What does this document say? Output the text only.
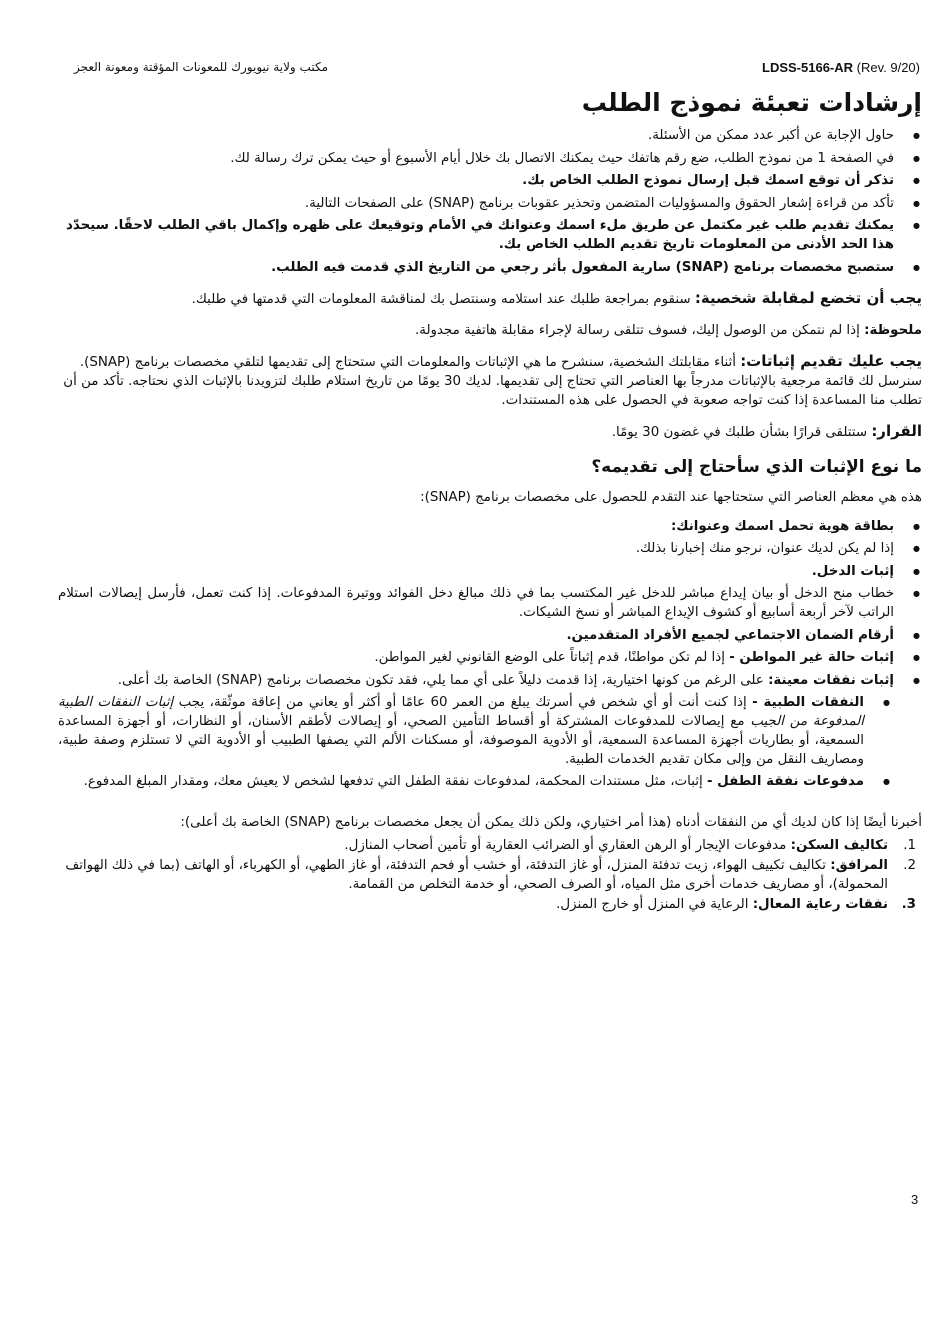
LDSS-5166-AR (Rev. 9/20)
مكتب ولاية نيويورك للمعونات المؤقتة ومعونة العجز
إرشادات تعبئة نموذج الطلب
● حاول الإجابة عن أكبر عدد ممكن من الأسئلة.
● في الصفحة 1 من نموذج الطلب، ضع رقم هاتفك حيث يمكنك الاتصال بك خلال أيام الأسبوع أو حيث يمكن ترك رسالة لك.
● تذكر أن توقع اسمك قبل إرسال نموذج الطلب الخاص بك.
● تأكد من قراءة إشعار الحقوق والمسؤوليات المتضمن وتحذير عقوبات برنامج (SNAP) على الصفحات التالية.
● يمكنك تقديم طلب غير مكتمل عن طريق ملء اسمك وعنوانك في الأمام وتوقيعك على ظهره وإكمال باقي الطلب لاحقًا. سيحدّد هذا الحد الأدنى من المعلومات تاريخ تقديم الطلب الخاص بك.
● ستصبح مخصصات برنامج (SNAP) سارية المفعول بأثر رجعي من التاريخ الذي قدمت فيه الطلب.

يجب أن تخضع لمقابلة شخصية: سنقوم بمراجعة طلبك عند استلامه وسنتصل بك لمناقشة المعلومات التي قدمتها في طلبك.

ملحوظة: إذا لم نتمكن من الوصول إليك، فسوف تتلقى رسالة لإجراء مقابلة هاتفية مجدولة.

يجب عليك تقديم إثباتات: أثناء مقابلتك الشخصية، سنشرح ما هي الإثباتات والمعلومات التي ستحتاج إلى تقديمها لتلقي مخصصات برنامج (SNAP). سنرسل لك قائمة مرجعية بالإثباتات مدرجاً بها العناصر التي تحتاج إلى تقديمها. لديك 30 يومًا من تاريخ استلام طلبك لتزويدنا بالإثبات الذي نحتاجه. تأكد من أن تطلب منا المساعدة إذا كنت تواجه صعوبة في الحصول على هذه المستندات.

القرار: ستتلقى قرارًا بشأن طلبك في غضون 30 يومًا.

ما نوع الإثبات الذي سأحتاج إلى تقديمه؟

هذه هي معظم العناصر التي ستحتاجها عند التقدم للحصول على مخصصات برنامج (SNAP):

● بطاقة هوية تحمل اسمك وعنوانك:
● إذا لم يكن لديك عنوان، نرجو منك إخبارنا بذلك.
● إثبات الدخل.
● خطاب منح الدخل أو بيان إيداع مباشر للدخل غير المكتسب بما في ذلك مبالغ دخل الفوائد ووتيرة المدفوعات. إذا كنت تعمل، فأرسل إيصالات استلام الراتب لآخر أربعة أسابيع أو كشوف الإيداع المباشر أو نسخ الشيكات.
● أرقام الضمان الاجتماعي لجميع الأفراد المتقدمين.
● إثبات حالة غير المواطن - إذا لم تكن مواطنًا، قدم إثباتاً على الوضع القانوني لغير المواطن.
● إثبات نفقات معينة: على الرغم من كونها اختيارية، إذا قدمت دليلاً على أي مما يلي، فقد تكون مخصصات برنامج (SNAP) الخاصة بك أعلى.
● النفقات الطبية - إذا كنت أنت أو أي شخص في أسرتك يبلغ من العمر 60 عامًا أو أكثر أو يعاني من إعاقة موثّقة، يجب إثبات النفقات الطبية المدفوعة من الجيب مع إيصالات للمدفوعات المشتركة أو أقساط التأمين الصحي، أو إيصالات لأطقم الأسنان، أو النظارات، أو أجهزة المساعدة السمعية، أو بطاريات أجهزة المساعدة السمعية، أو الأدوية الموصوفة، أو مسكنات الألم التي يصفها الطبيب أو الأدوية التي لا تستلزم وصفة طبية، ومصاريف النقل من وإلى مكان تقديم الخدمات الطبية.
● مدفوعات نفقة الطفل - إثبات، مثل مستندات المحكمة، لمدفوعات نفقة الطفل التي تدفعها لشخص لا يعيش معك، ومقدار المبلغ المدفوع.

أخبرنا أيضًا إذا كان لديك أي من النفقات أدناه (هذا أمر اختياري، ولكن ذلك يمكن أن يجعل مخصصات برنامج (SNAP) الخاصة بك أعلى):

1.
تكاليف السكن: مدفوعات الإيجار أو الرهن العقاري أو الضرائب العقارية أو تأمين أصحاب المنازل.
2.
المرافق: تكاليف تكييف الهواء، زيت تدفئة المنزل، أو غاز التدفئة، أو خشب أو فحم التدفئة، أو غاز الطهي، أو الكهرباء، أو الهاتف (بما في ذلك الهواتف المحمولة)، أو مصاريف خدمات أخرى مثل المياه، أو الصرف الصحي، أو خدمة التخلص من القمامة.
3.
نفقات رعاية المعال: الرعاية في المنزل أو خارج المنزل.
3
